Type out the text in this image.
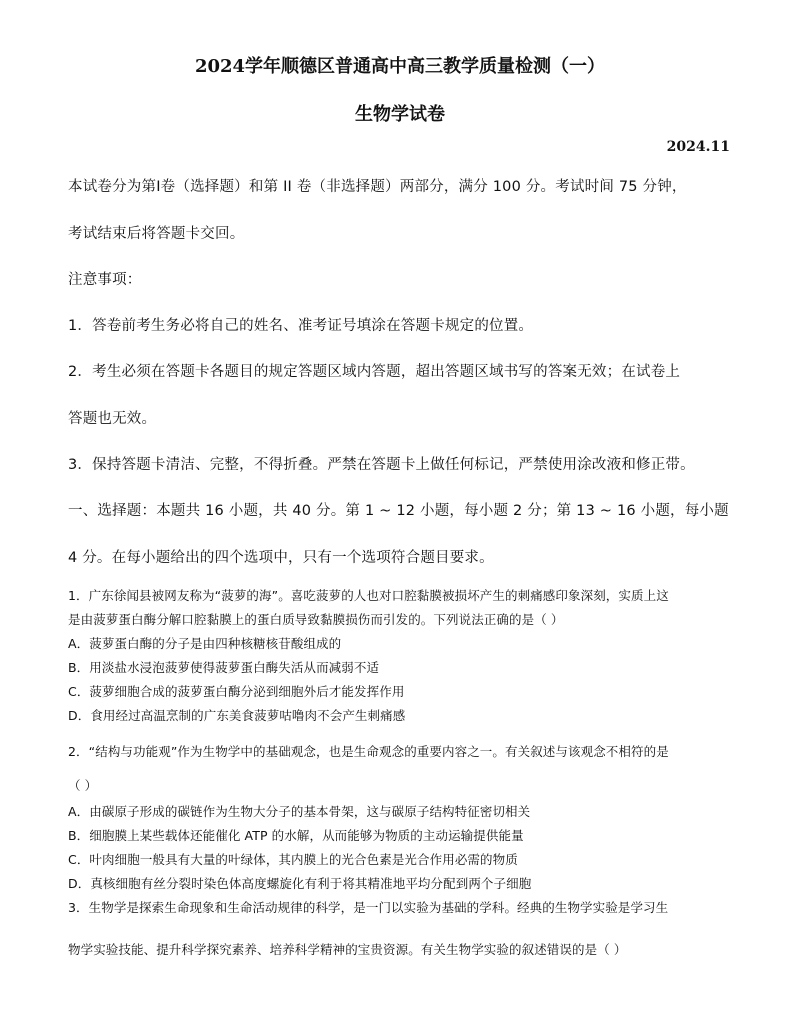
2024学年顺德区普通高中高三教学质量检测（一）
生物学试卷
2024.11
本试卷分为第Ⅰ卷（选择题）和第 II 卷（非选择题）两部分，满分 100 分。考试时间 75 分钟，
考试结束后将答题卡交回。
注意事项：
1．答卷前考生务必将自己的姓名、准考证号填涂在答题卡规定的位置。
2．考生必须在答题卡各题目的规定答题区域内答题，超出答题区域书写的答案无效；在试卷上
答题也无效。
3．保持答题卡清洁、完整，不得折叠。严禁在答题卡上做任何标记，严禁使用涂改液和修正带。
一、选择题：本题共 16 小题，共 40 分。第 1 ~ 12 小题，每小题 2 分；第 13 ~ 16 小题，每小题
4 分。在每小题给出的四个选项中，只有一个选项符合题目要求。
1．广东徐闻县被网友称为“菠萝的海”。喜吃菠萝的人也对口腔黏膜被损坏产生的刺痛感印象深刻，实质上这
是由菠萝蛋白酶分解口腔黏膜上的蛋白质导致黏膜损伤而引发的。下列说法正确的是（ ）
A．菠萝蛋白酶的分子是由四种核糖核苷酸组成的
B．用淡盐水浸泡菠萝使得菠萝蛋白酶失活从而减弱不适
C．菠萝细胞合成的菠萝蛋白酶分泌到细胞外后才能发挥作用
D．食用经过高温烹制的广东美食菠萝咕噜肉不会产生刺痛感
2．“结构与功能观”作为生物学中的基础观念，也是生命观念的重要内容之一。有关叙述与该观念不相符的是
（ ）
A．由碳原子形成的碳链作为生物大分子的基本骨架，这与碳原子结构特征密切相关
B．细胞膜上某些载体还能催化 ATP 的水解，从而能够为物质的主动运输提供能量
C．叶肉细胞一般具有大量的叶绿体，其内膜上的光合色素是光合作用必需的物质
D．真核细胞有丝分裂时染色体高度螺旋化有利于将其精准地平均分配到两个子细胞
3．生物学是探索生命现象和生命活动规律的科学，是一门以实验为基础的学科。经典的生物学实验是学习生
物学实验技能、提升科学探究素养、培养科学精神的宝贵资源。有关生物学实验的叙述错误的是（ ）
